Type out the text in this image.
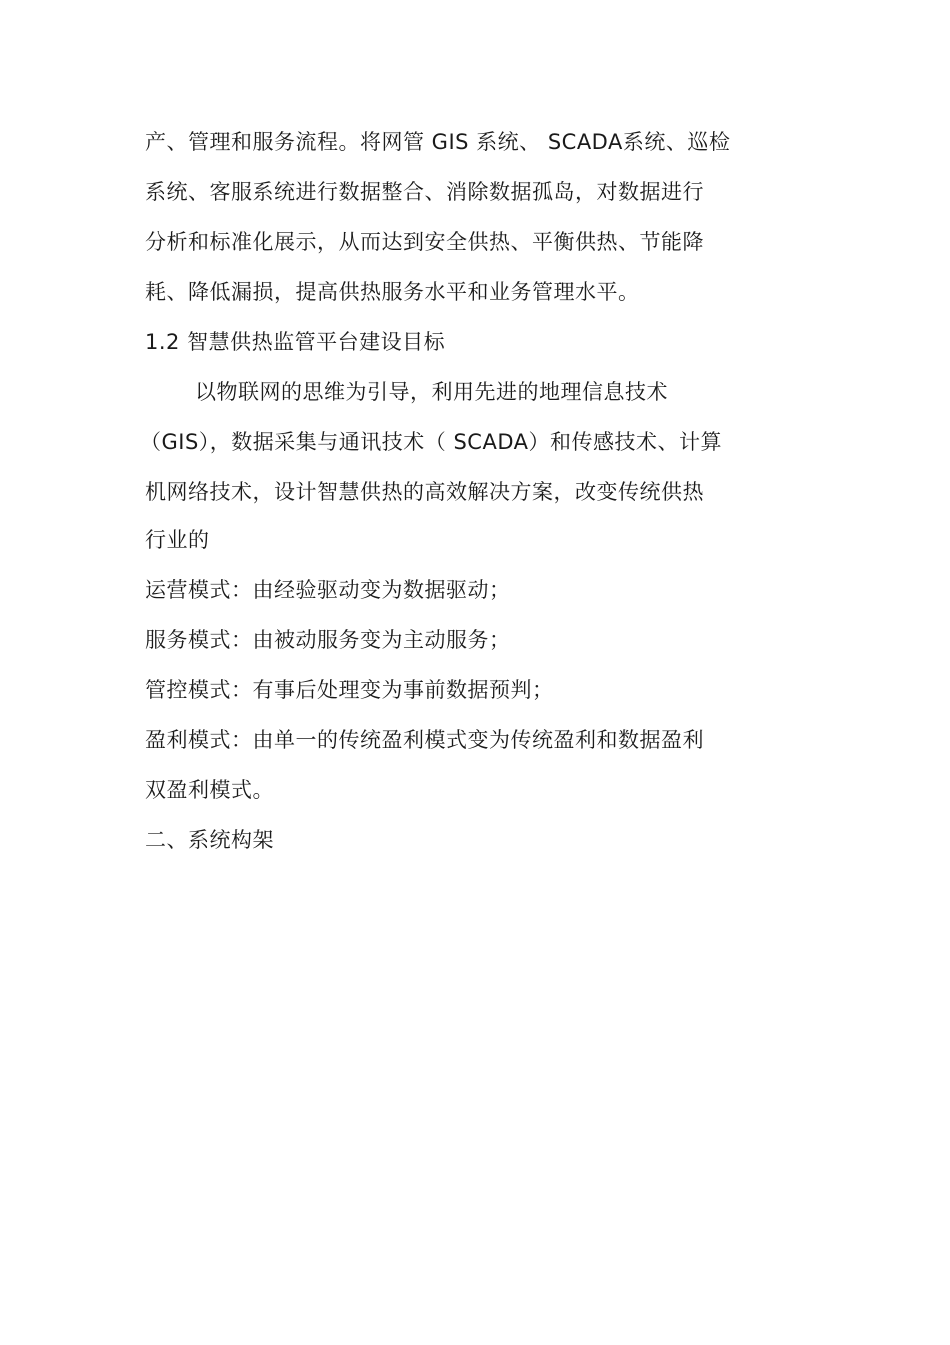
产、管理和服务流程。将网管 GIS 系统、 SCADA系统、巡检
系统、客服系统进行数据整合、消除数据孤岛，对数据进行
分析和标准化展示，从而达到安全供热、平衡供热、节能降
耗、降低漏损，提高供热服务水平和业务管理水平。
1.2 智慧供热监管平台建设目标
以物联网的思维为引导，利用先进的地理信息技术
（GIS），数据采集与通讯技术（ SCADA）和传感技术、计算
机网络技术，设计智慧供热的高效解决方案，改变传统供热
行业的
运营模式：由经验驱动变为数据驱动；
服务模式：由被动服务变为主动服务；
管控模式：有事后处理变为事前数据预判；
盈利模式：由单一的传统盈利模式变为传统盈利和数据盈利
双盈利模式。
二、系统构架
